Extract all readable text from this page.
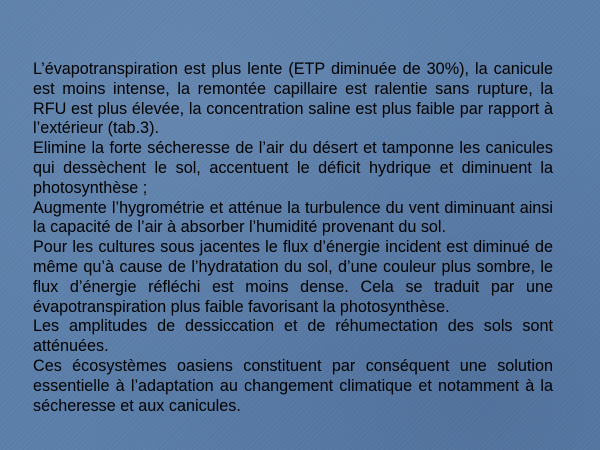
L’évapotranspiration est plus lente (ETP diminuée de 30%), la canicule est moins intense, la remontée capillaire est ralentie sans rupture, la RFU est plus élevée, la concentration saline est plus faible par rapport à l’extérieur (tab.3).

Elimine la forte sécheresse de l’air du désert et tamponne les canicules qui dessèchent le sol, accentuent le déficit hydrique et diminuent la photosynthèse ;

Augmente l’hygrométrie et atténue la turbulence du vent diminuant ainsi la capacité de l’air à absorber l’humidité provenant du sol.

Pour les cultures sous jacentes le flux d’énergie incident est diminué de même qu’à cause de l’hydratation du sol, d’une couleur plus sombre, le flux d’énergie réfléchi est moins dense. Cela se traduit par une évapotranspiration plus faible favorisant la photosynthèse.

Les amplitudes de dessiccation et de réhumectation des sols sont atténuées.

Ces écosystèmes oasiens constituent par conséquent une solution essentielle à l’adaptation au changement climatique et notamment à la sécheresse et aux canicules.
